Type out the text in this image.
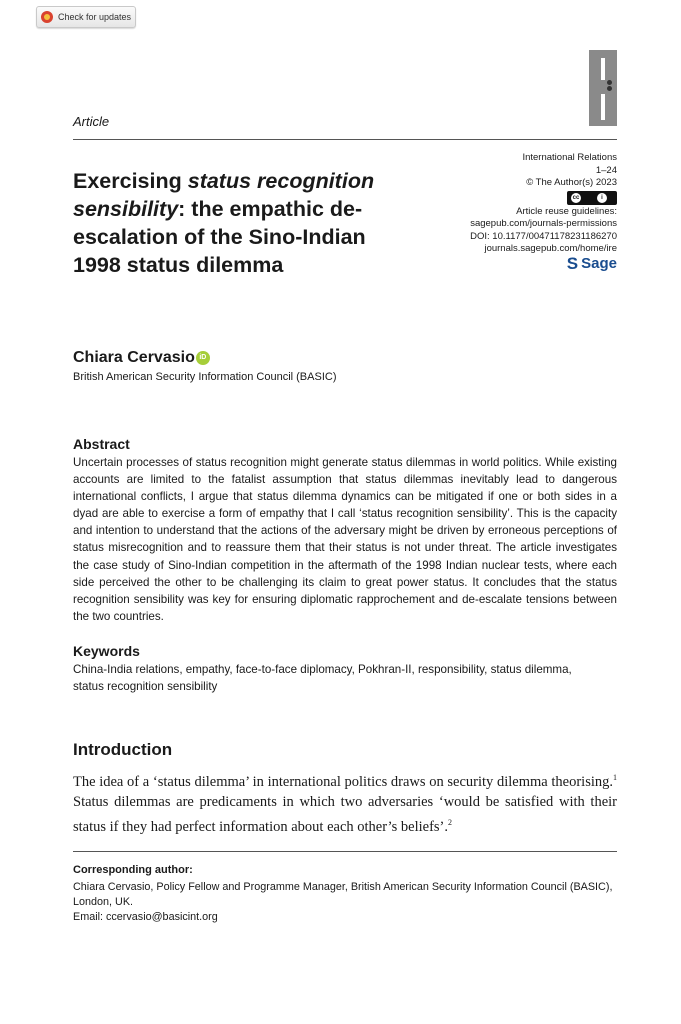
Check for updates
Article
Exercising status recognition sensibility: the empathic de-escalation of the Sino-Indian 1998 status dilemma
International Relations
1–24
© The Author(s) 2023
cc	i
Article reuse guidelines:
sagepub.com/journals-permissions
DOI: 10.1177/00471178231186270
journals.sagepub.com/home/ire
S Sage
Chiara Cervasio iD
British American Security Information Council (BASIC)
Abstract
Uncertain processes of status recognition might generate status dilemmas in world politics. While existing accounts are limited to the fatalist assumption that status dilemmas inevitably lead to dangerous international conflicts, I argue that status dilemma dynamics can be mitigated if one or both sides in a dyad are able to exercise a form of empathy that I call ‘status recognition sensibility’. This is the capacity and intention to understand that the actions of the adversary might be driven by erroneous perceptions of status misrecognition and to reassure them that their status is not under threat. The article investigates the case study of Sino-Indian competition in the aftermath of the 1998 Indian nuclear tests, where each side perceived the other to be challenging its claim to great power status. It concludes that the status recognition sensibility was key for ensuring diplomatic rapprochement and de-escalate tensions between the two countries.
Keywords
China-India relations, empathy, face-to-face diplomacy, Pokhran-II, responsibility, status dilemma, status recognition sensibility
Introduction
The idea of a ‘status dilemma’ in international politics draws on security dilemma theorising.$^1$ Status dilemmas are predicaments in which two adversaries ‘would be satisfied with their status if they had perfect information about each other’s beliefs’.$^2$
Corresponding author:
Chiara Cervasio, Policy Fellow and Programme Manager, British American Security Information Council (BASIC), London, UK.
Email: ccervasio@basicint.org
